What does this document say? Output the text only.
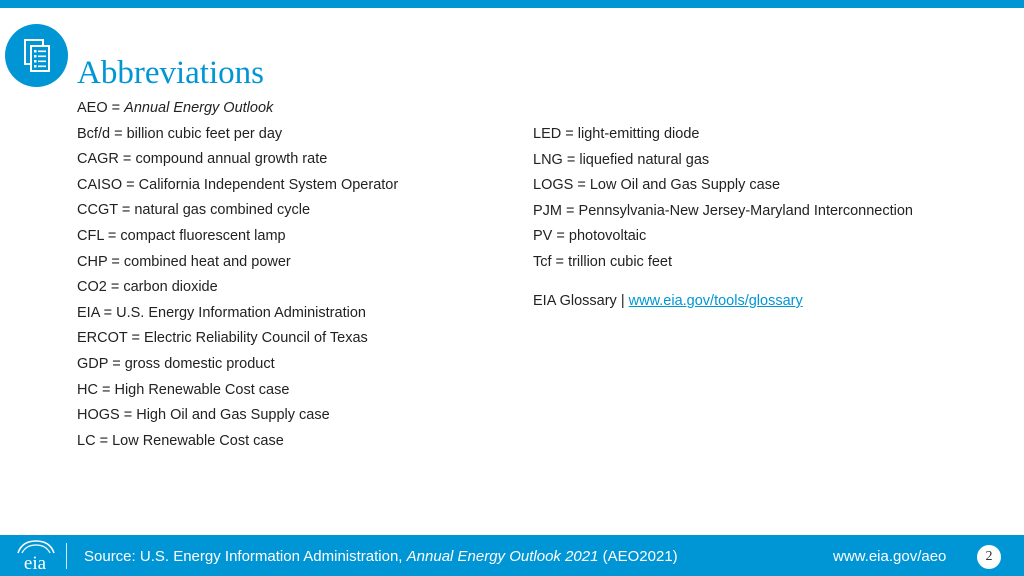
Abbreviations
AEO = Annual Energy Outlook
Bcf/d = billion cubic feet per day
CAGR = compound annual growth rate
CAISO = California Independent System Operator
CCGT = natural gas combined cycle
CFL = compact fluorescent lamp
CHP = combined heat and power
CO2 = carbon dioxide
EIA = U.S. Energy Information Administration
ERCOT = Electric Reliability Council of Texas
GDP = gross domestic product
HC = High Renewable Cost case
HOGS = High Oil and Gas Supply case
LC = Low Renewable Cost case
LED = light-emitting diode
LNG = liquefied natural gas
LOGS = Low Oil and Gas Supply case
PJM = Pennsylvania-New Jersey-Maryland Interconnection
PV = photovoltaic
Tcf = trillion cubic feet
EIA Glossary | www.eia.gov/tools/glossary
eia	Source: U.S. Energy Information Administration, Annual Energy Outlook 2021 (AEO2021)	www.eia.gov/aeo	2
